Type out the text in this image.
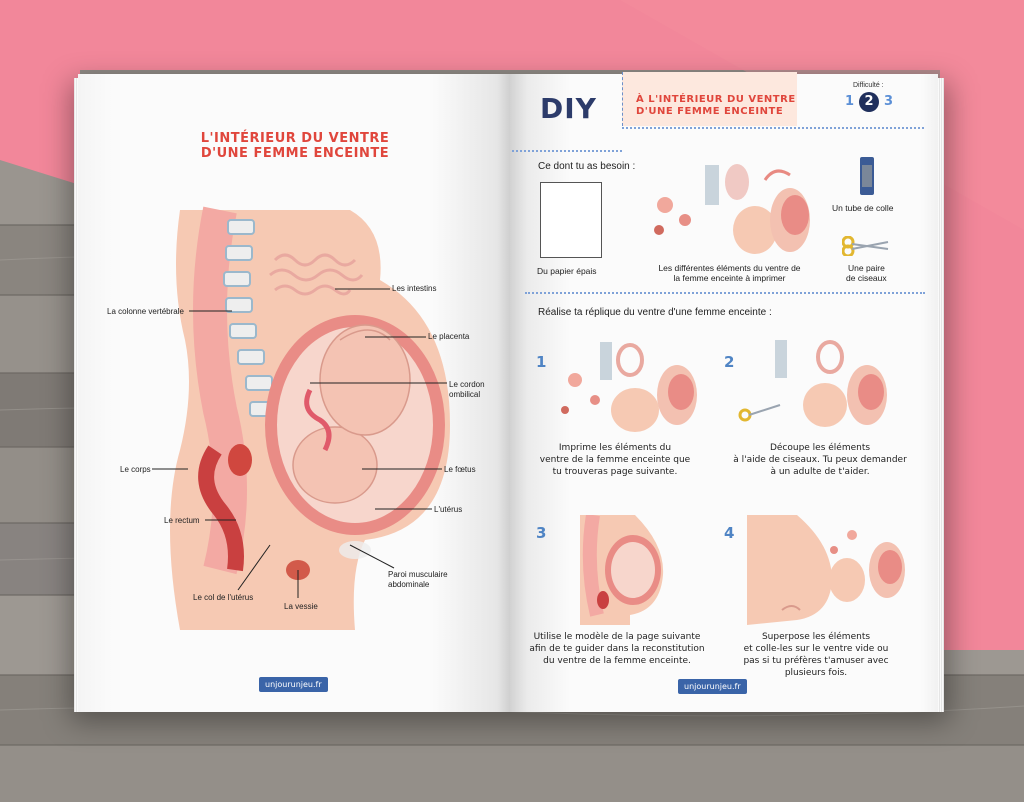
L'INTÉRIEUR DU VENTRE
D'UNE FEMME ENCEINTE
Les intestins
La colonne vertébrale
Le placenta
Le cordon
ombilical
Le corps	Le fœtus
L'utérus
Le rectum
Paroi musculaire
abdominale
Le col de l'utérus
La vessie
unjourunjeu.fr
DIY	À L'INTÉRIEUR DU VENTRE
D'UNE FEMME ENCEINTE
Difficulté :
1 2 3
Ce dont tu as besoin :
Du papier épais	Les différentes éléments du ventre de
la femme enceinte à imprimer
Un tube de colle
Une paire
de ciseaux
Réalise ta réplique du ventre d'une femme enceinte :
1
Imprime les éléments du
ventre de la femme enceinte que
tu trouveras page suivante.
2
Découpe les éléments
à l'aide de ciseaux. Tu peux demander
à un adulte de t'aider.
3
Utilise le modèle de la page suivante
afin de te guider dans la reconstitution
du ventre de la femme enceinte.
4
Superpose les éléments
et colle-les sur le ventre vide ou
pas si tu préfères t'amuser avec
plusieurs fois.
unjourunjeu.fr
